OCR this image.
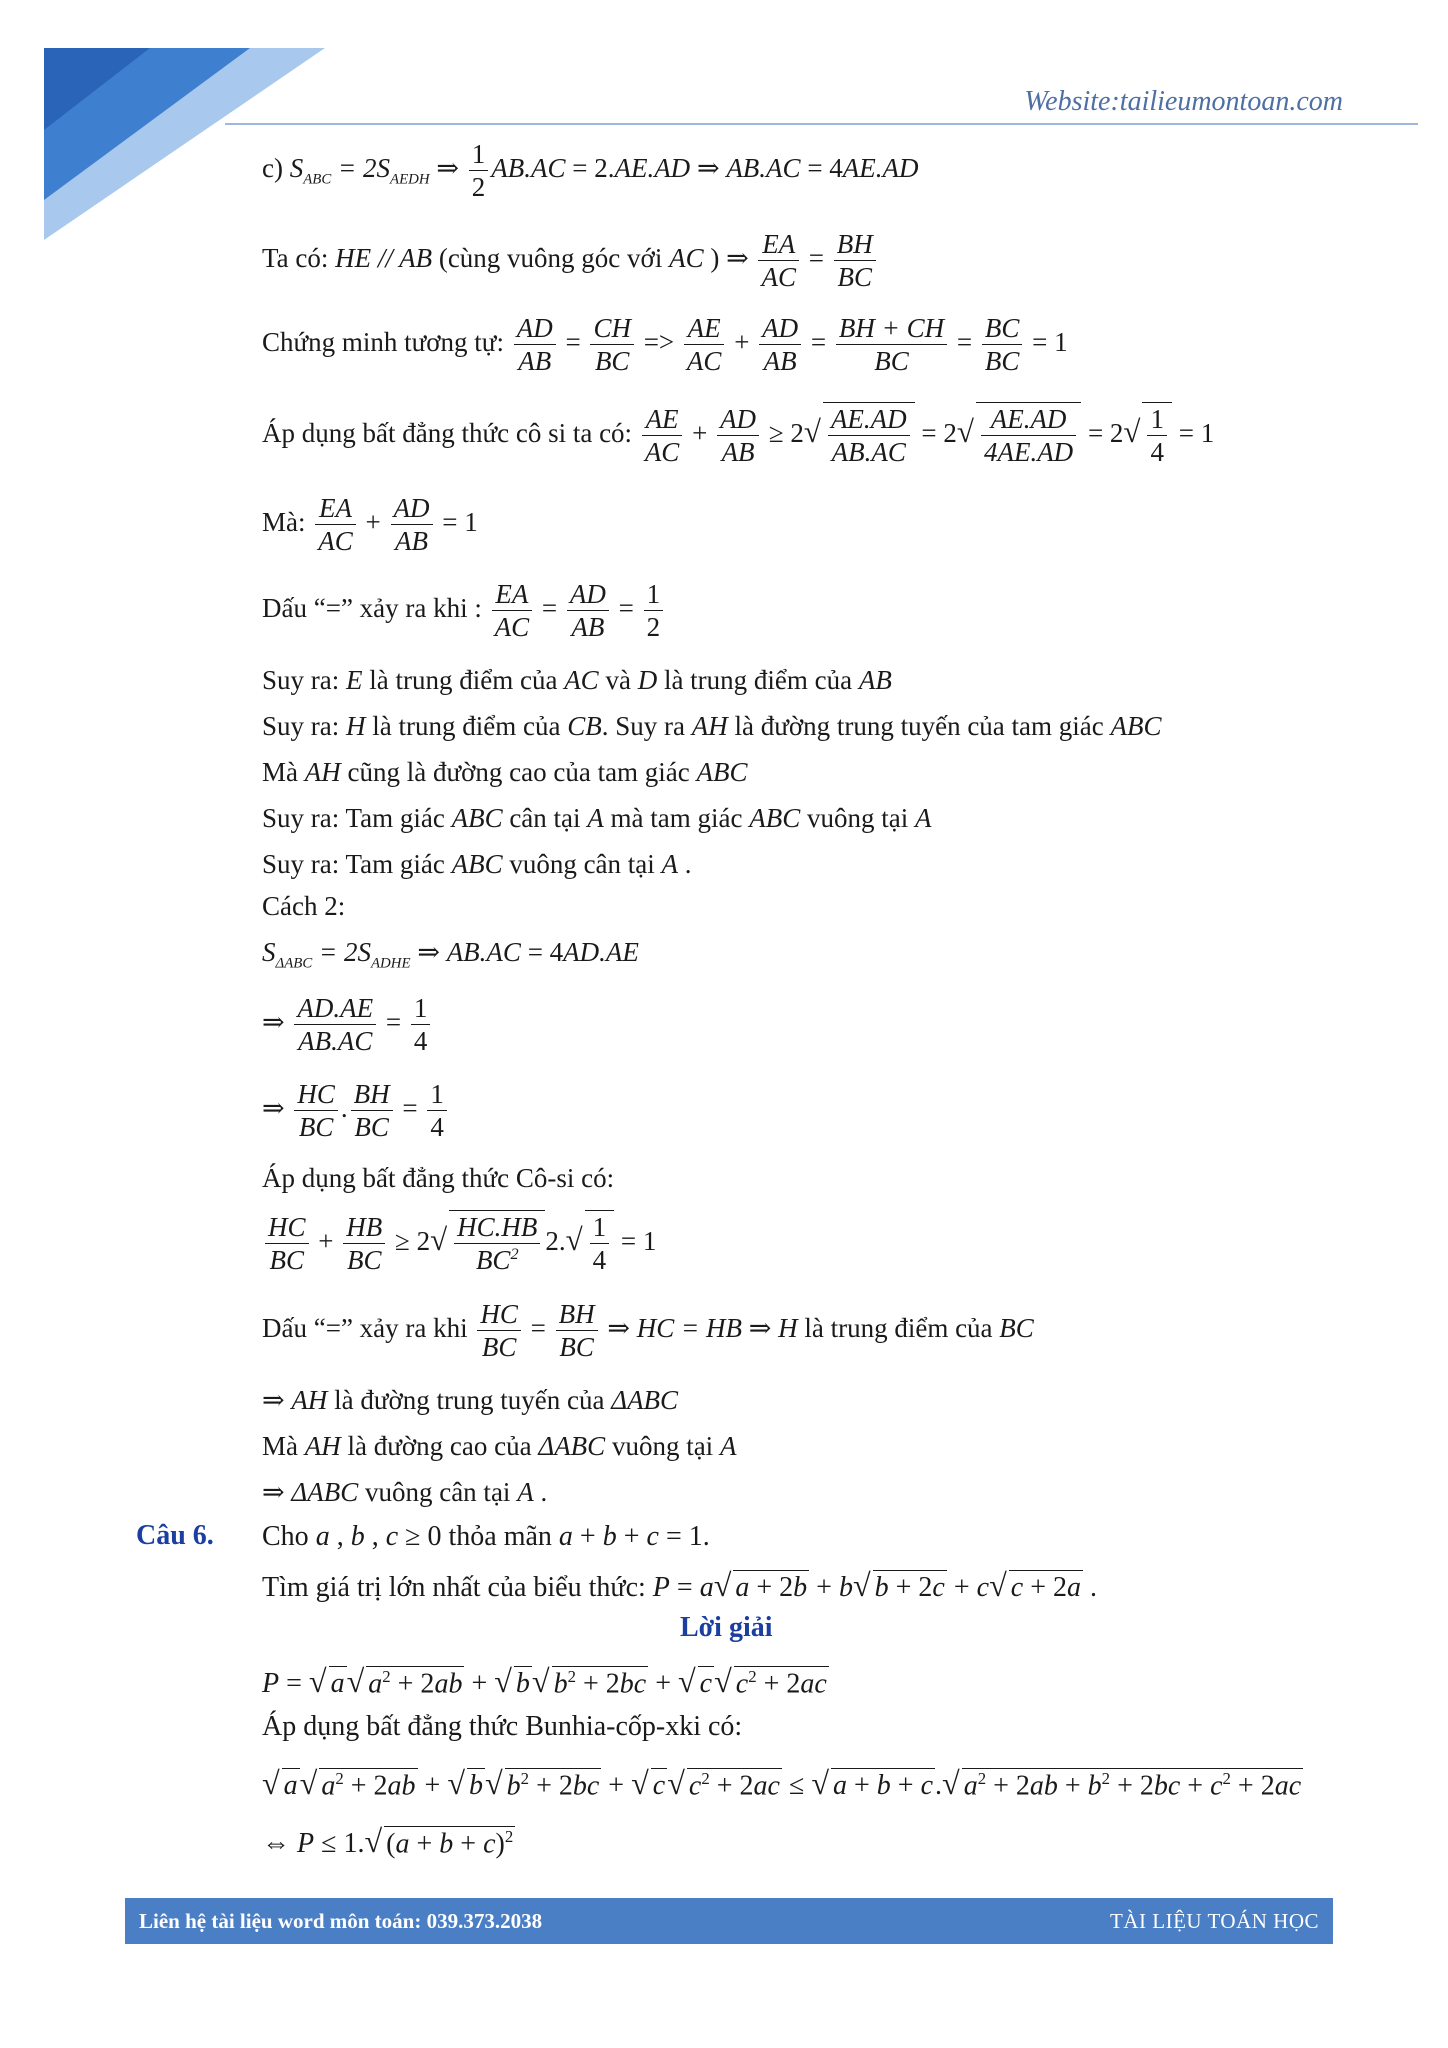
Website:tailieumontoan.com
c) $S_{ABC} = 2S_{AEDH}$ ⇒ $\frac{1}{2} AB.AC = 2.AE.AD$ ⇒ AB.AC = 4AE.AD
Ta có: HE // AB (cùng vuông góc với AC ) ⇒ $\frac{EA}{AC} = \frac{BH}{BC}$
Chứng minh tương tự: $\frac{AD}{AB} = \frac{CH}{BC} => \frac{AE}{AC} + \frac{AD}{AB} = \frac{BH + CH}{BC} = \frac{BC}{BC} = 1$
Áp dụng bất đẳng thức cô si ta có: $\frac{AE}{AC} + \frac{AD}{AB} \ge 2√ \frac{AE.AD}{AB.AC} = 2√ \frac{AE.AD}{4AE.AD} = 2√ \frac{1}{4} = 1$
Mà: $\frac{EA}{AC} + \frac{AD}{AB} = 1$
Dấu “=” xảy ra khi : $\frac{EA}{AC} = \frac{AD}{AB} = \frac{1}{2}$
Suy ra: E là trung điểm của AC và D là trung điểm của AB
Suy ra: H là trung điểm của CB. Suy ra AH là đường trung tuyến của tam giác ABC
Mà AH cũng là đường cao của tam giác ABC
Suy ra: Tam giác ABC cân tại A mà tam giác ABC vuông tại A
Suy ra: Tam giác ABC vuông cân tại A .
Cách 2:
$S_{\Delta ABC} = 2S_{ADHE}$ ⇒ AB.AC = 4AD.AE
⇒ $\frac{AD.AE}{AB.AC} = \frac{1}{4}$
⇒ $\frac{HC}{BC}$ . $\frac{BH}{BC} = \frac{1}{4}$
Áp dụng bất đẳng thức Cô-si có:
$\frac{HC}{BC} + \frac{HB}{BC} \ge 2√ \frac{HC.HB}{BC^2} 2.√ \frac{1}{4} = 1$
Dấu “=” xảy ra khi $\frac{HC}{BC} = \frac{BH}{BC}$ ⇒ HC = HB ⇒ H là trung điểm của BC
⇒ AH là đường trung tuyến của ΔABC
Mà AH là đường cao của ΔABC vuông tại A
⇒ ΔABC vuông cân tại A .
Câu 6. Cho a , b , c ≥ 0 thỏa mãn a + b + c = 1.
Tìm giá trị lớn nhất của biểu thức: P = a√ a + 2b + b√ b + 2c + c√ c + 2a .
Lời giải
P = √ a√ $a^2 + 2ab$ + √ b√ $b^2 + 2bc$ + √ c√ $c^2 + 2ac$
Áp dụng bất đẳng thức Bunhia-cốp-xki có:
√ a√ $a^2 + 2ab$ + √ b√ $b^2 + 2bc$ + √ c√ $c^2 + 2ac$ ≤ √ a + b + c.√ $a^2 + 2ab + b^2 + 2bc + c^2 + 2ac$
⇔ P ≤ 1.√ $(a + b + c)^2$
Liên hệ tài liệu word môn toán: 039.373.2038	TÀI LIỆU TOÁN HỌC
